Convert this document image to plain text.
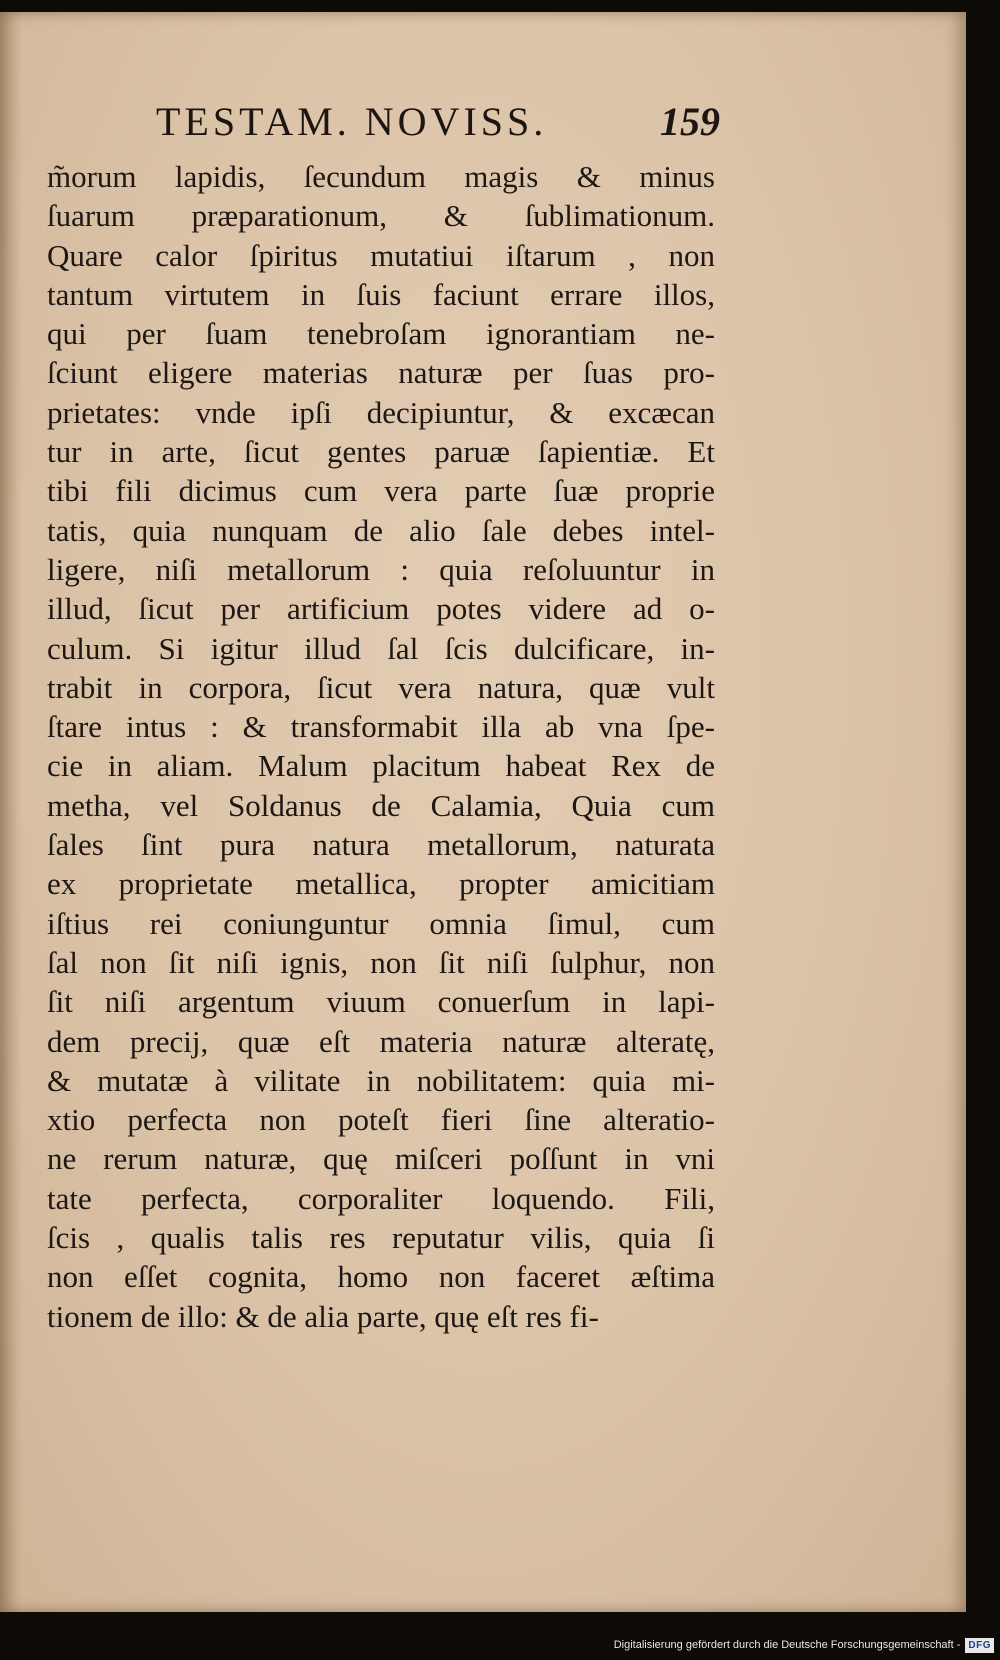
TESTAM. NOVISS.	159
m̃orum lapidis, ſecundum magis & minus
ſuarum præparationum, & ſublimationum.
Quare calor ſpiritus mutatiui iſtarum , non
tantum virtutem in ſuis faciunt errare illos,
qui per ſuam tenebroſam ignorantiam ne-
ſciunt eligere materias naturæ per ſuas pro-
prietates: vnde ipſi decipiuntur, & excæcan
tur in arte, ſicut gentes paruæ ſapientiæ. Et
tibi fili dicimus cum vera parte ſuæ proprie
tatis, quia nunquam de alio ſale debes intel-
ligere, niſi metallorum : quia reſoluuntur in
illud, ſicut per artificium potes videre ad o-
culum. Si igitur illud ſal ſcis dulcificare, in-
trabit in corpora, ſicut vera natura, quæ vult
ſtare intus : & transformabit illa ab vna ſpe-
cie in aliam. Malum placitum habeat Rex de
metha, vel Soldanus de Calamia, Quia cum
ſales ſint pura natura metallorum, naturata
ex proprietate metallica, propter amicitiam
iſtius rei coniunguntur omnia ſimul, cum
ſal non ſit niſi ignis, non ſit niſi ſulphur, non
ſit niſi argentum viuum conuerſum in lapi-
dem precij, quæ eſt materia naturæ alteratę,
& mutatæ à vilitate in nobilitatem: quia mi-
xtio perfecta non poteſt fieri ſine alteratio-
ne rerum naturæ, quę miſceri poſſunt in vni
tate perfecta, corporaliter loquendo. Fili,
ſcis , qualis talis res reputatur vilis, quia ſi
non eſſet cognita, homo non faceret æſtima
tionem de illo: & de alia parte, quę eſt res fi-
Digitalisierung gefördert durch die Deutsche Forschungsgemeinschaft - DFG
